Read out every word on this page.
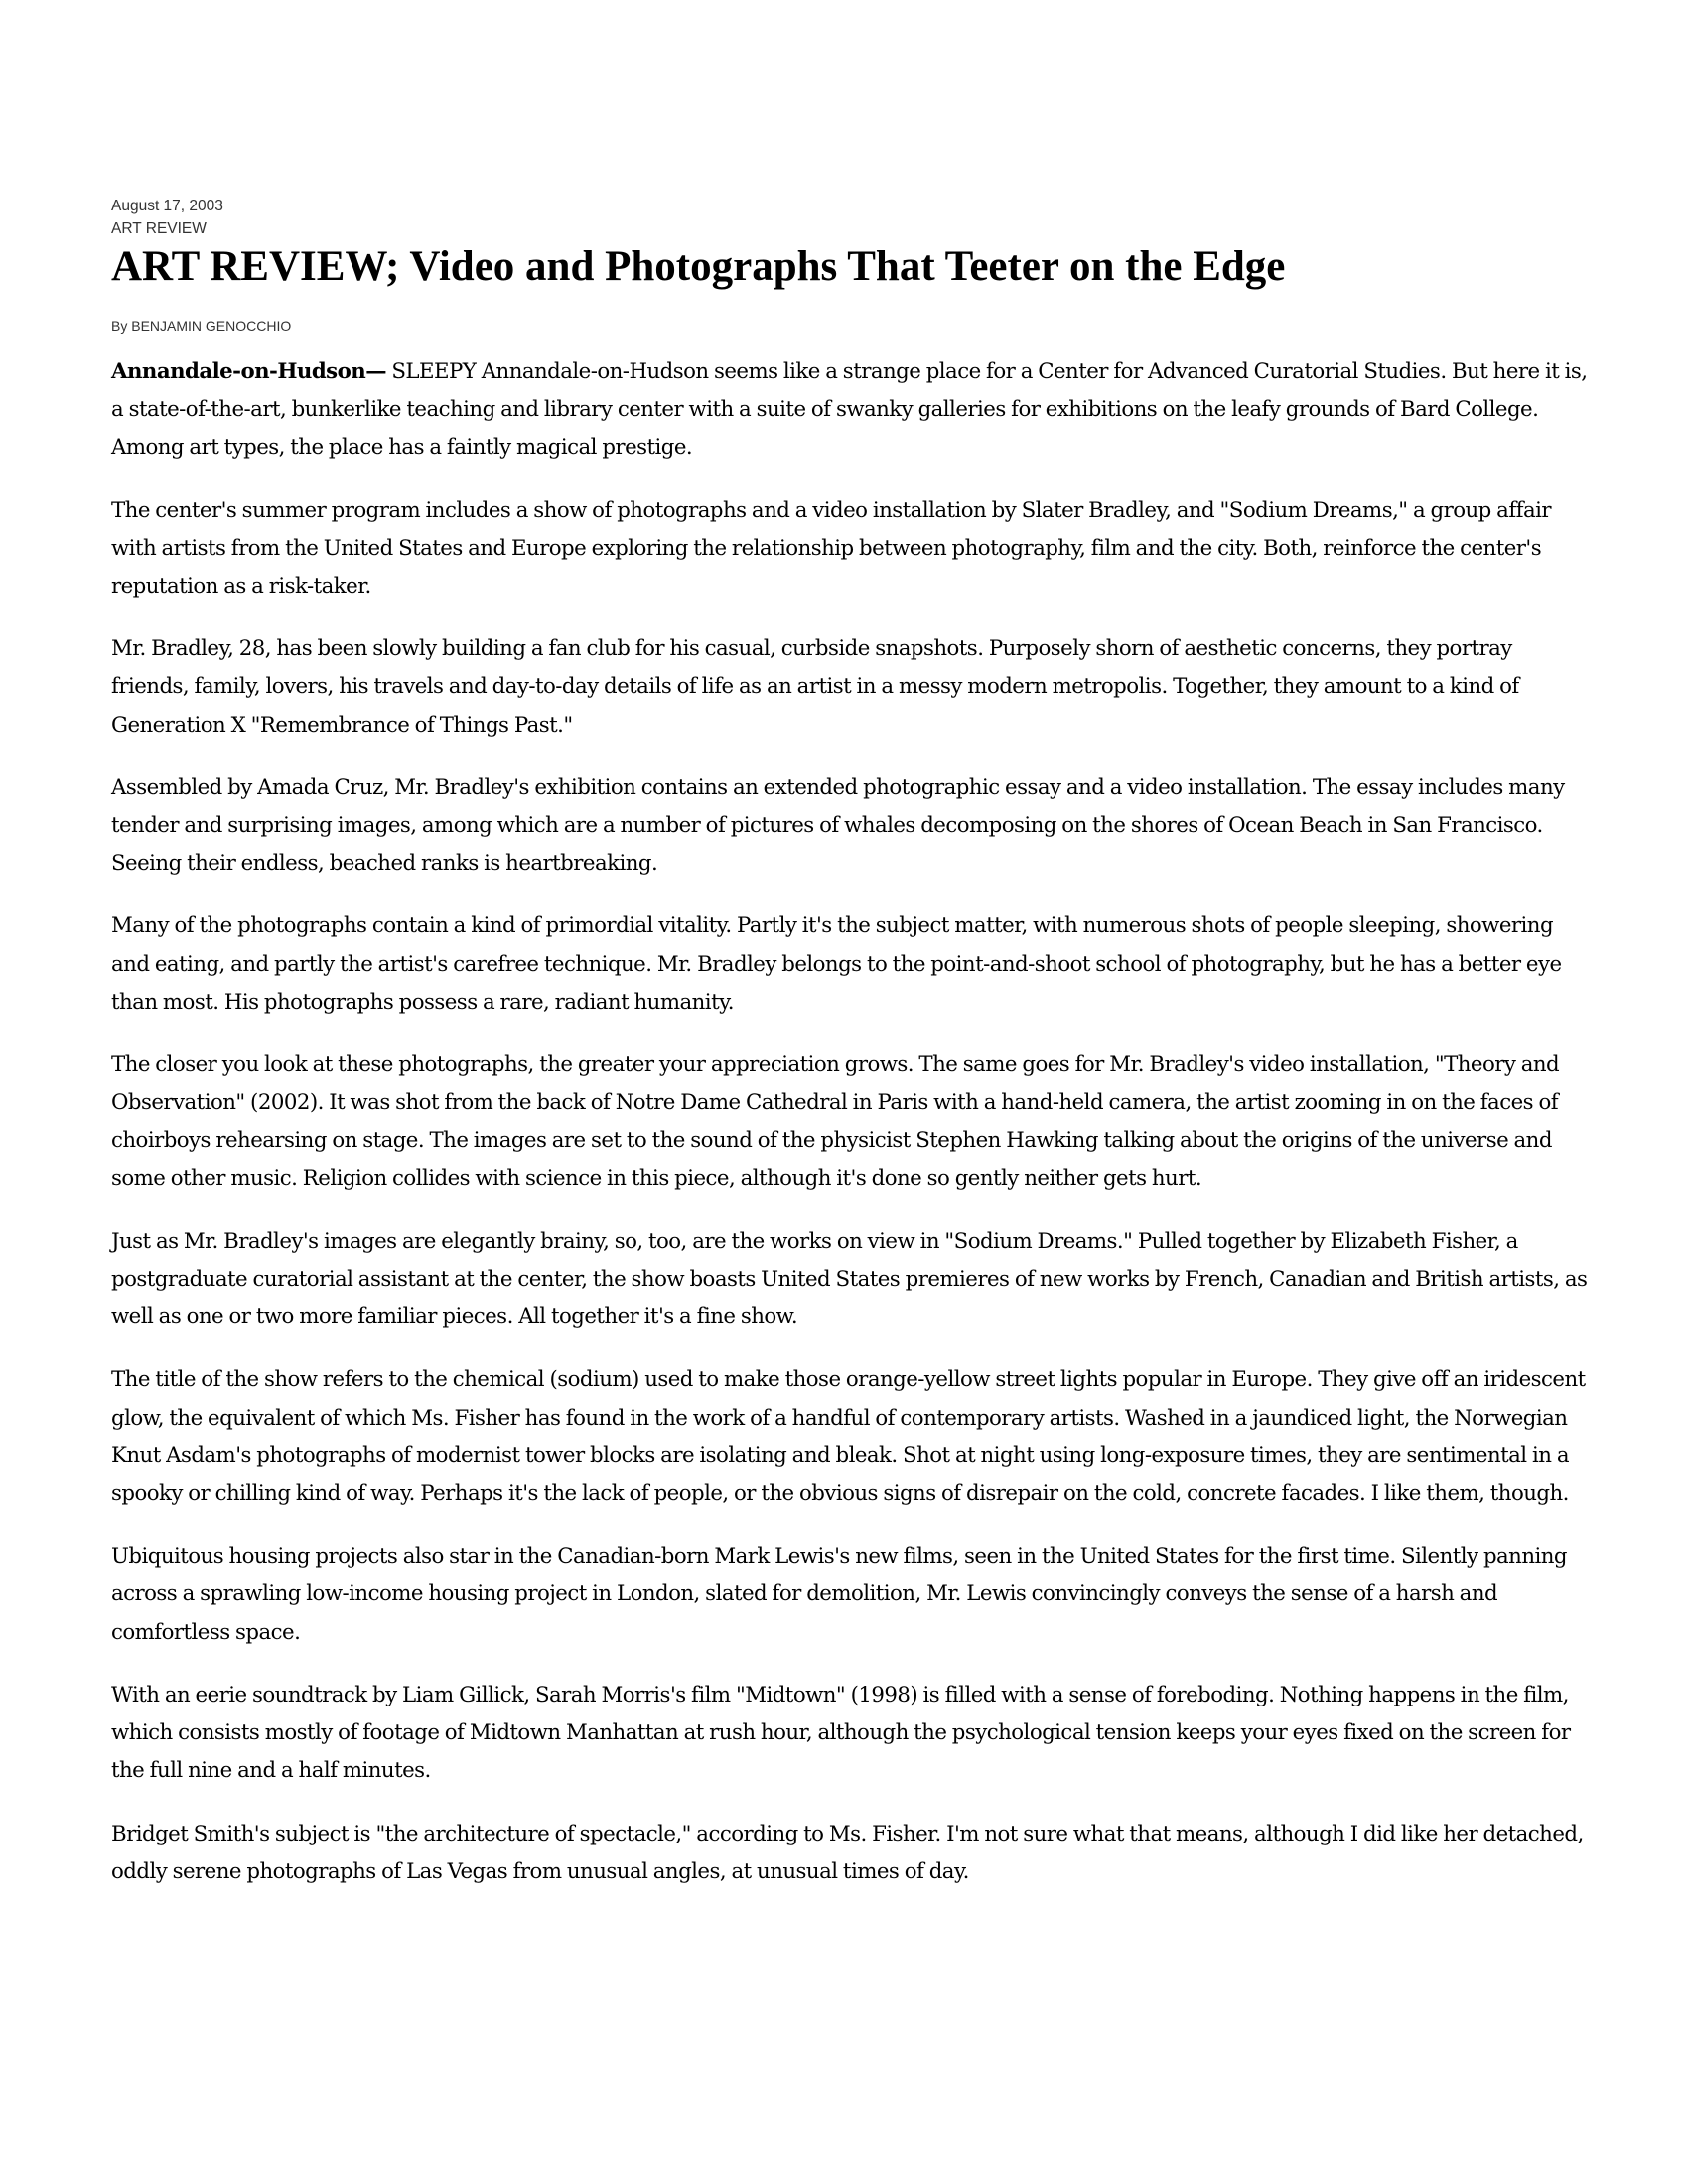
August 17, 2003

ART REVIEW

ART REVIEW; Video and Photographs That Teeter on the Edge

By BENJAMIN GENOCCHIO

Annandale-on-Hudson— SLEEPY Annandale-on-Hudson seems like a strange place for a Center for Advanced Curatorial Studies. But here it is, a state-of-the-art, bunkerlike teaching and library center with a suite of swanky galleries for exhibitions on the leafy grounds of Bard College. Among art types, the place has a faintly magical prestige.

The center's summer program includes a show of photographs and a video installation by Slater Bradley, and "Sodium Dreams," a group affair with artists from the United States and Europe exploring the relationship between photography, film and the city. Both, reinforce the center's reputation as a risk-taker.

Mr. Bradley, 28, has been slowly building a fan club for his casual, curbside snapshots. Purposely shorn of aesthetic concerns, they portray friends, family, lovers, his travels and day-to-day details of life as an artist in a messy modern metropolis. Together, they amount to a kind of Generation X "Remembrance of Things Past."

Assembled by Amada Cruz, Mr. Bradley's exhibition contains an extended photographic essay and a video installation. The essay includes many tender and surprising images, among which are a number of pictures of whales decomposing on the shores of Ocean Beach in San Francisco. Seeing their endless, beached ranks is heartbreaking.

Many of the photographs contain a kind of primordial vitality. Partly it's the subject matter, with numerous shots of people sleeping, showering and eating, and partly the artist's carefree technique. Mr. Bradley belongs to the point-and-shoot school of photography, but he has a better eye than most. His photographs possess a rare, radiant humanity.

The closer you look at these photographs, the greater your appreciation grows. The same goes for Mr. Bradley's video installation, "Theory and Observation" (2002). It was shot from the back of Notre Dame Cathedral in Paris with a hand-held camera, the artist zooming in on the faces of choirboys rehearsing on stage. The images are set to the sound of the physicist Stephen Hawking talking about the origins of the universe and some other music. Religion collides with science in this piece, although it's done so gently neither gets hurt.

Just as Mr. Bradley's images are elegantly brainy, so, too, are the works on view in "Sodium Dreams." Pulled together by Elizabeth Fisher, a postgraduate curatorial assistant at the center, the show boasts United States premieres of new works by French, Canadian and British artists, as well as one or two more familiar pieces. All together it's a fine show.

The title of the show refers to the chemical (sodium) used to make those orange-yellow street lights popular in Europe. They give off an iridescent glow, the equivalent of which Ms. Fisher has found in the work of a handful of contemporary artists. Washed in a jaundiced light, the Norwegian Knut Asdam's photographs of modernist tower blocks are isolating and bleak. Shot at night using long-exposure times, they are sentimental in a spooky or chilling kind of way. Perhaps it's the lack of people, or the obvious signs of disrepair on the cold, concrete facades. I like them, though.

Ubiquitous housing projects also star in the Canadian-born Mark Lewis's new films, seen in the United States for the first time. Silently panning across a sprawling low-income housing project in London, slated for demolition, Mr. Lewis convincingly conveys the sense of a harsh and comfortless space.

With an eerie soundtrack by Liam Gillick, Sarah Morris's film "Midtown" (1998) is filled with a sense of foreboding. Nothing happens in the film, which consists mostly of footage of Midtown Manhattan at rush hour, although the psychological tension keeps your eyes fixed on the screen for the full nine and a half minutes.

Bridget Smith's subject is "the architecture of spectacle," according to Ms. Fisher. I'm not sure what that means, although I did like her detached, oddly serene photographs of Las Vegas from unusual angles, at unusual times of day.
